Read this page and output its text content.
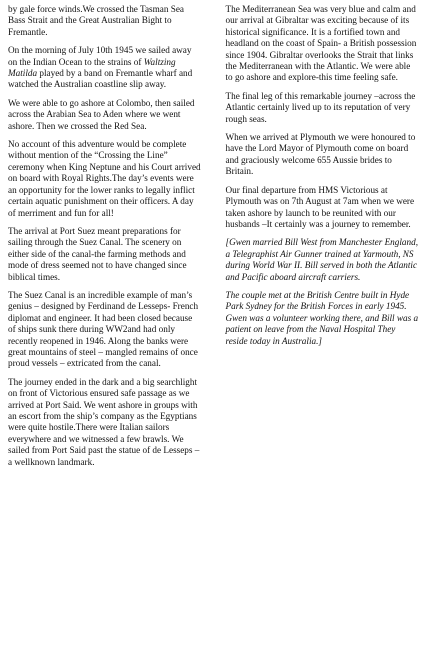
by gale force winds.We crossed the Tasman Sea Bass Strait and the Great Australian Bight to Fremantle.

On the morning of July 10th 1945 we sailed away on the Indian Ocean to the strains of Waltzing Matilda played by a band on Fremantle wharf and watched the Australian coastline slip away.

We were able to go ashore at Colombo, then sailed across the Arabian Sea to Aden where we went ashore. Then we crossed the Red Sea.

No account of this adventure would be complete without mention of the “Crossing the Line” ceremony when King Neptune and his Court arrived on board with Royal Rights.The day’s events were an opportunity for the lower ranks to legally inflict certain aquatic punishment on their officers. A day of merriment and fun for all!

The arrival at Port Suez meant preparations for sailing through the Suez Canal. The scenery on either side of the canal-the farming methods and mode of dress seemed not to have changed since biblical times.

The Suez Canal is an incredible example of man’s genius – designed by Ferdinand de Lesseps- French diplomat and engineer. It had been closed because of ships sunk there during WW2and had only recently reopened in 1946. Along the banks were great mountains of steel – mangled remains of once proud vessels – extricated from the canal.

The journey ended in the dark and a big searchlight on front of Victorious ensured safe passage as we arrived at Port Said. We went ashore in groups with an escort from the ship’s company as the Egyptians were quite hostile.There were Italian sailors everywhere and we witnessed a few brawls. We sailed from Port Said past the statue of de Lesseps – a wellknown landmark.

The Mediterranean Sea was very blue and calm and our arrival at Gibraltar was exciting because of its historical significance. It is a fortified town and headland on the coast of Spain- a British possession since 1904. Gibraltar overlooks the Strait that links the Mediterranean with the Atlantic. We were able to go ashore and explore-this time feeling safe.

The final leg of this remarkable journey –across the Atlantic certainly lived up to its reputation of very rough seas.

When we arrived at Plymouth we were honoured to have the Lord Mayor of Plymouth come on board and graciously welcome 655 Aussie brides to Britain.

Our final departure from HMS Victorious at Plymouth was on 7th August at 7am when we were taken ashore by launch to be reunited with our husbands –It certainly was a journey to remember.

[Gwen married Bill West from Manchester England, a Telegraphist Air Gunner trained at Yarmouth, NS during World War II. Bill served in both the Atlantic and Pacific aboard aircraft carriers.

The couple met at the British Centre built in Hyde Park Sydney for the British Forces in early 1945. Gwen was a volunteer working there, and Bill was a patient on leave from the Naval Hospital They reside today in Australia.]
